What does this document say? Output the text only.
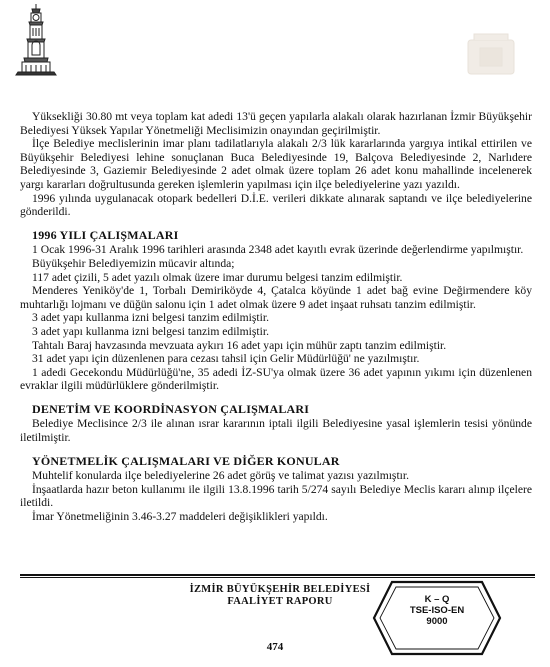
Yüksekliği 30.80 mt veya toplam kat adedi 13'ü geçen yapılarla alakalı olarak hazırlanan İzmir Büyükşehir Belediyesi Yüksek Yapılar Yönetmeliği Meclisimizin onayından geçirilmiştir.

İlçe Belediye meclislerinin imar planı tadilatlarıyla alakalı 2/3 lük kararlarında yargıya intikal ettirilen ve Büyükşehir Belediyesi lehine sonuçlanan Buca Belediyesinde 19, Balçova Belediyesinde 2, Narlıdere Belediyesinde 3, Gaziemir Belediyesinde 2 adet olmak üzere toplam 26 adet konu mahallinde incelenerek yargı kararları doğrultusunda gereken işlemlerin yapılması için ilçe belediyelerine yazı yazıldı.

1996 yılında uygulanacak otopark bedelleri D.İ.E. verileri dikkate alınarak saptandı ve ilçe belediyelerine gönderildi.

1996 YILI ÇALIŞMALARI

1 Ocak 1996-31 Aralık 1996 tarihleri arasında 2348 adet kayıtlı evrak üzerinde değerlendirme yapılmıştır.

Büyükşehir Belediyemizin mücavir altında;

117 adet çizili, 5 adet yazılı olmak üzere imar durumu belgesi tanzim edilmiştir.

Menderes Yeniköy'de 1, Torbalı Demiriköyde 4, Çatalca köyünde 1 adet bağ evine Değirmendere köy muhtarlığı lojmanı ve düğün salonu için 1 adet olmak üzere 9 adet inşaat ruhsatı tanzim edilmiştir.

3 adet yapı kullanma izni belgesi tanzim edilmiştir.

3 adet yapı kullanma izni belgesi tanzim edilmiştir.

Tahtalı Baraj havzasında mevzuata aykırı 16 adet yapı için mühür zaptı tanzim edilmiştir.

31 adet yapı için düzenlenen para cezası tahsil için Gelir Müdürlüğü' ne yazılmıştır.

1 adedi Gecekondu Müdürlüğü'ne, 35 adedi İZ-SU'ya olmak üzere 36 adet yapının yıkımı için düzenlenen evraklar ilgili müdürlüklere gönderilmiştir.

DENETİM VE KOORDİNASYON ÇALIŞMALARI

Belediye Meclisince 2/3 ile alınan ısrar kararının iptali ilgili Belediyesine yasal işlemlerin tesisi yönünde iletilmiştir.

YÖNETMELİK ÇALIŞMALARI VE DİĞER KONULAR

Muhtelif konularda ilçe belediyelerine 26 adet görüş ve talimat yazısı yazılmıştır.

İnşaatlarda hazır beton kullanımı ile ilgili 13.8.1996 tarih 5/274 sayılı Belediye Meclis kararı alınıp ilçelere iletildi.

İmar Yönetmeliğinin 3.46-3.27 maddeleri değişiklikleri yapıldı.

İZMİR BÜYÜKŞEHİR BELEDİYESİ
FAALİYET RAPORU
474
K – Q
TSE-ISO-EN
9000
